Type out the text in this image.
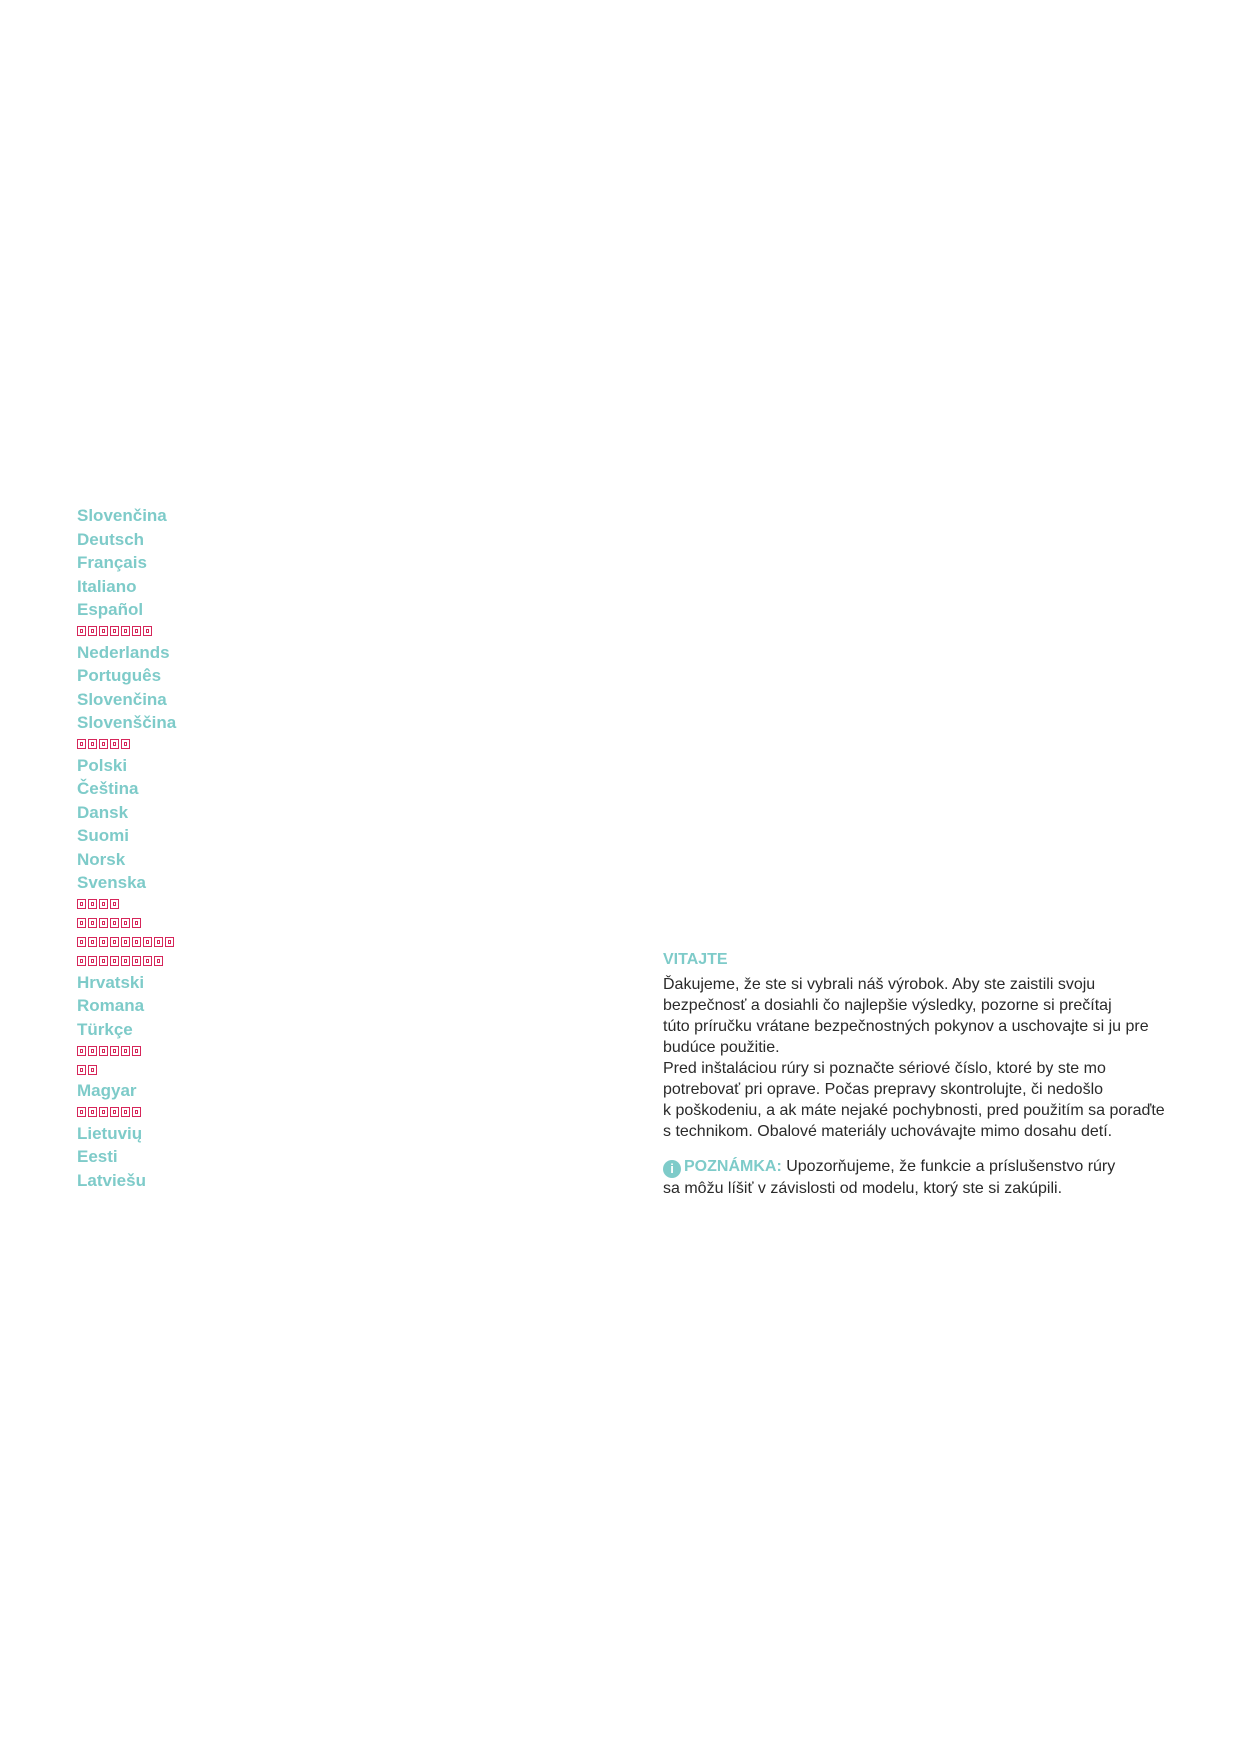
Slovenčina
Deutsch
Français
Italiano
Español
Nederlands
Português
Slovenčina
Slovenščina
Polski
Čeština
Dansk
Suomi
Norsk
Svenska
Hrvatski
Romana
Türkçe
Magyar
Lietuvių
Eesti
Latviešu
VITAJTE
Ďakujeme, že ste si vybrali náš výrobok. Aby ste zaistili svoju
bezpečnosť a dosiahli čo najlepšie výsledky, pozorne si prečítaj
túto príručku vrátane bezpečnostných pokynov a uschovajte si ju pre
budúce použitie.
Pred inštaláciou rúry si poznačte sériové číslo, ktoré by ste mo
potrebovať pri oprave. Počas prepravy skontrolujte, či nedošlo
k poškodeniu, a ak máte nejaké pochybnosti, pred použitím sa poraďte
s technikom. Obalové materiály uchovávajte mimo dosahu detí.
i POZNÁMKA: Upozorňujeme, že funkcie a príslušenstvo rúry
sa môžu líšiť v závislosti od modelu, ktorý ste si zakúpili.
